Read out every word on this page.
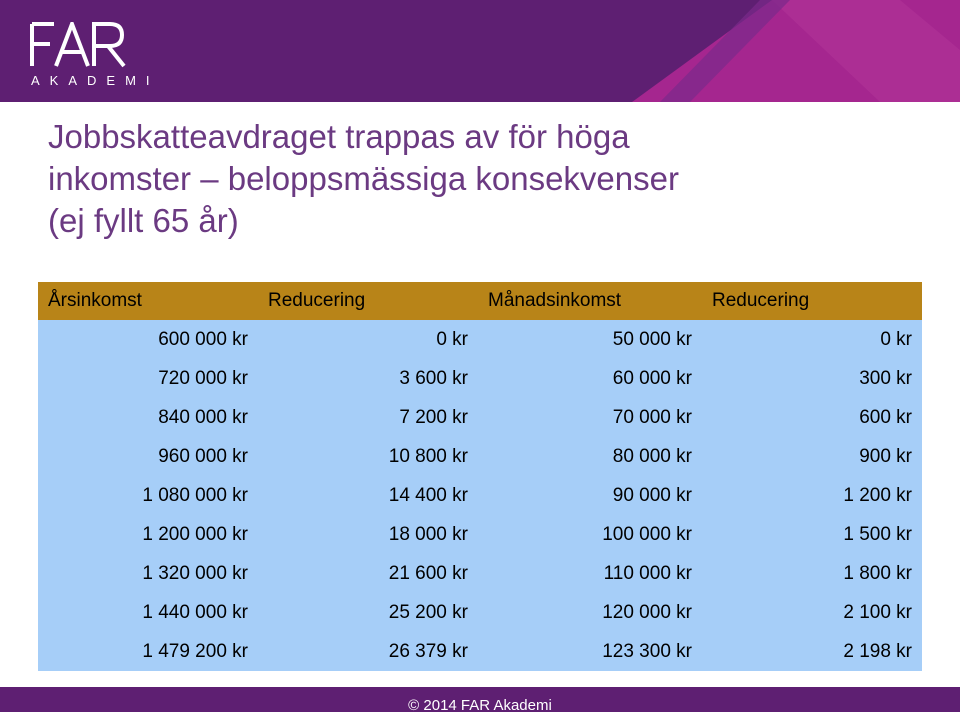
AKADEMI
Jobbskatteavdraget trappas av för höga
inkomster – beloppsmässiga konsekvenser
(ej fyllt 65 år)
Årsinkomst	Reducering	Månadsinkomst	Reducering
600 000 kr	0 kr	50 000 kr	0 kr
720 000 kr	3 600 kr	60 000 kr	300 kr
840 000 kr	7 200 kr	70 000 kr	600 kr
960 000 kr	10 800 kr	80 000 kr	900 kr
1 080 000 kr	14 400 kr	90 000 kr	1 200 kr
1 200 000 kr	18 000 kr	100 000 kr	1 500 kr
1 320 000 kr	21 600 kr	110 000 kr	1 800 kr
1 440 000 kr	25 200 kr	120 000 kr	2 100 kr
1 479 200 kr	26 379 kr	123 300 kr	2 198 kr
© 2014 FAR Akademi
